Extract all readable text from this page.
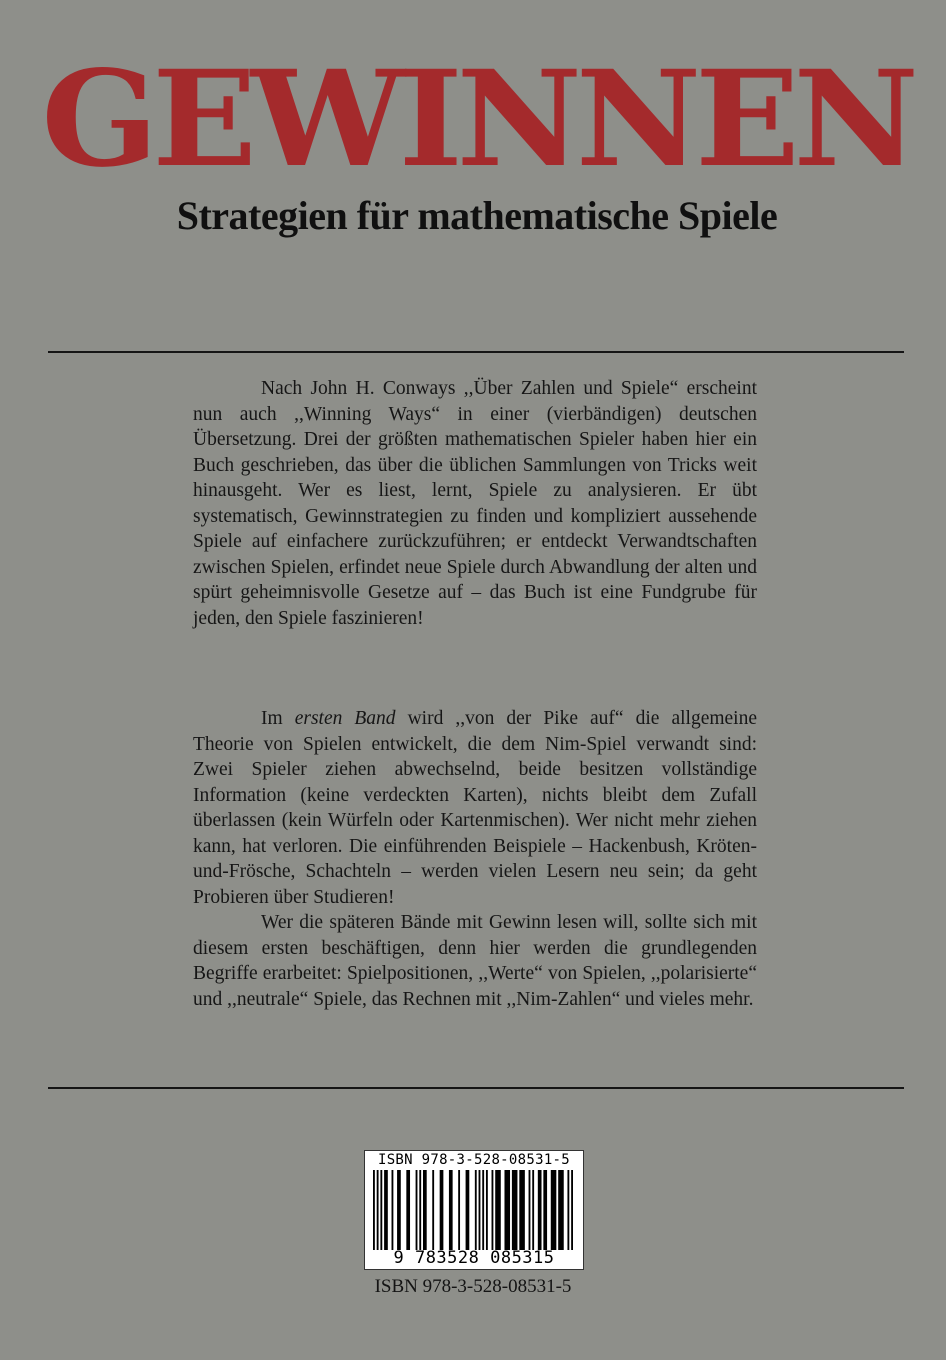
GEWINNEN
Strategien für mathematische Spiele

Nach John H. Conways ,,Über Zahlen und Spiele“ erscheint nun auch ,,Winning Ways“ in einer (vierbändigen) deutschen Übersetzung. Drei der größten mathematischen Spieler haben hier ein Buch geschrieben, das über die üblichen Sammlungen von Tricks weit hinausgeht. Wer es liest, lernt, Spiele zu analysieren. Er übt systematisch, Gewinnstrategien zu finden und kompliziert aussehende Spiele auf einfachere zurückzuführen; er entdeckt Verwandtschaften zwischen Spielen, erfindet neue Spiele durch Abwandlung der alten und spürt geheimnisvolle Gesetze auf – das Buch ist eine Fundgrube für jeden, den Spiele faszinieren!

Im ersten Band wird ,,von der Pike auf“ die allgemeine Theorie von Spielen entwickelt, die dem Nim-Spiel verwandt sind: Zwei Spieler ziehen abwechselnd, beide besitzen vollständige Information (keine verdeckten Karten), nichts bleibt dem Zufall überlassen (kein Würfeln oder Kartenmischen). Wer nicht mehr ziehen kann, hat verloren. Die einführenden Beispiele – Hackenbush, Kröten-und-Frösche, Schachteln – werden vielen Lesern neu sein; da geht Probieren über Studieren!

Wer die späteren Bände mit Gewinn lesen will, sollte sich mit diesem ersten beschäftigen, denn hier werden die grundlegenden Begriffe erarbeitet: Spielpositionen, ,,Werte“ von Spielen, ,,polarisierte“ und ,,neutrale“ Spiele, das Rechnen mit ,,Nim-Zahlen“ und vieles mehr.

ISBN 978-3-528-08531-5
9 783528 085315
ISBN 978-3-528-08531-5
